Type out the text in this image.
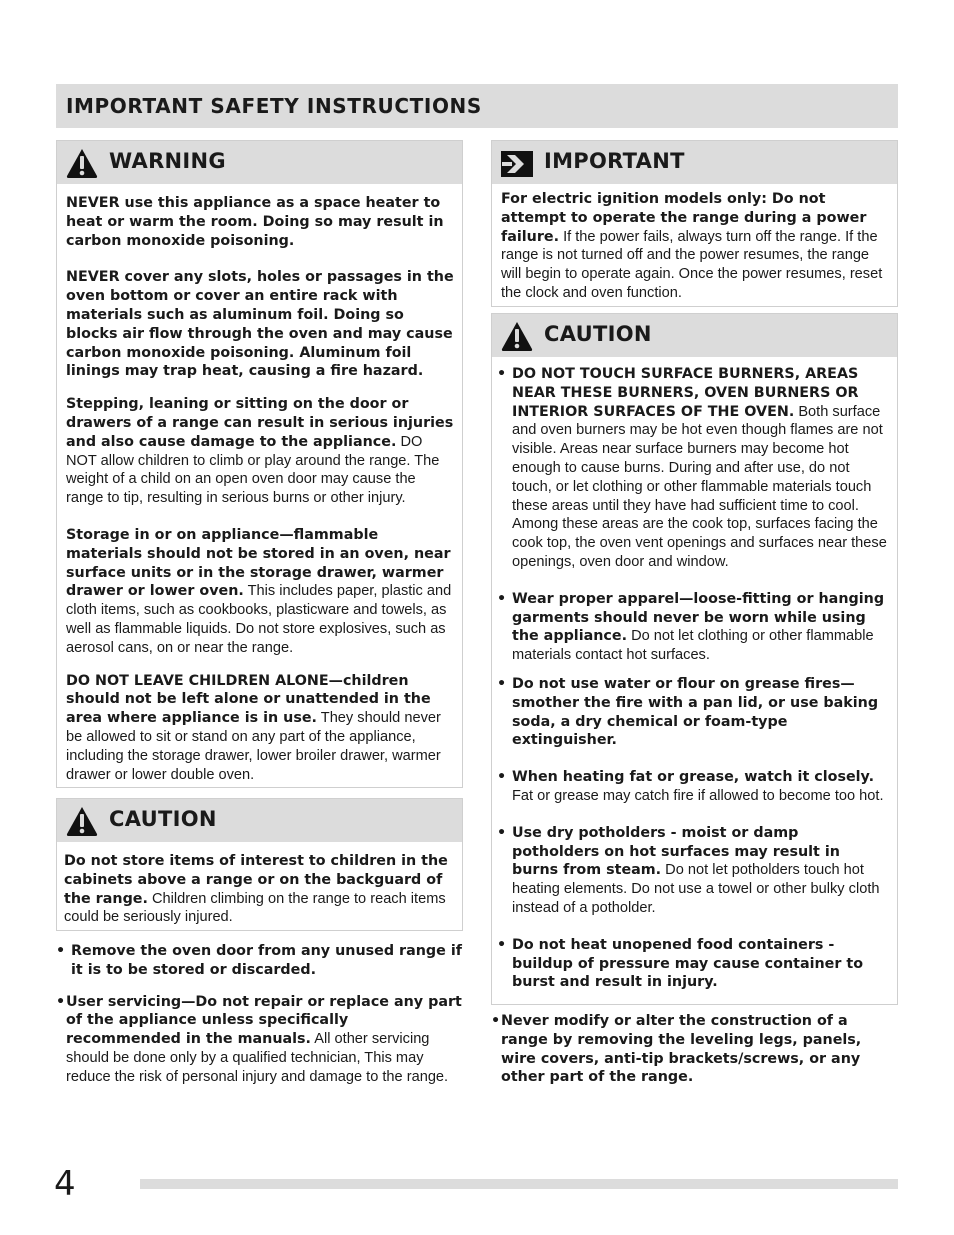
IMPORTANT SAFETY INSTRUCTIONS
WARNING

NEVER use this appliance as a space heater to heat or warm the room. Doing so may result in carbon monoxide poisoning.

NEVER cover any slots, holes or passages in the oven bottom or cover an entire rack with materials such as aluminum foil. Doing so blocks air flow through the oven and may cause carbon monoxide poisoning. Aluminum foil linings may trap heat, causing a fire hazard.

Stepping, leaning or sitting on the door or drawers of a range can result in serious injuries and also cause damage to the appliance. DO NOT allow children to climb or play around the range. The weight of a child on an open oven door may cause the range to tip, resulting in serious burns or other injury.

Storage in or on appliance—flammable materials should not be stored in an oven, near surface units or in the storage drawer, warmer drawer or lower oven. This includes paper, plastic and cloth items, such as cookbooks, plasticware and towels, as well as flammable liquids. Do not store explosives, such as aerosol cans, on or near the range.

DO NOT LEAVE CHILDREN ALONE—children should not be left alone or unattended in the area where appliance is in use. They should never be allowed to sit or stand on any part of the appliance, including the storage drawer, lower broiler drawer, warmer drawer or lower double oven.

CAUTION

Do not store items of interest to children in the cabinets above a range or on the backguard of the range. Children climbing on the range to reach items could be seriously injured.

• Remove the oven door from any unused range if it is to be stored or discarded.
• User servicing—Do not repair or replace any part of the appliance unless specifically recommended in the manuals. All other servicing should be done only by a qualified technician, This may reduce the risk of personal injury and damage to the range.
IMPORTANT

For electric ignition models only: Do not attempt to operate the range during a power failure. If the power fails, always turn off the range. If the range is not turned off and the power resumes, the range will begin to operate again. Once the power resumes, reset the clock and oven function.

CAUTION
• DO NOT TOUCH SURFACE BURNERS, AREAS NEAR THESE BURNERS, OVEN BURNERS OR INTERIOR SURFACES OF THE OVEN. Both surface and oven burners may be hot even though flames are not visible. Areas near surface burners may become hot enough to cause burns. During and after use, do not touch, or let clothing or other flammable materials touch these areas until they have had sufficient time to cool. Among these areas are the cook top, surfaces facing the cook top, the oven vent openings and surfaces near these openings, oven door and window.
• Wear proper apparel—loose-fitting or hanging garments should never be worn while using the appliance. Do not let clothing or other flammable materials contact hot surfaces.
• Do not use water or flour on grease fires—smother the fire with a pan lid, or use baking soda, a dry chemical or foam-type extinguisher.
• When heating fat or grease, watch it closely. Fat or grease may catch fire if allowed to become too hot.
• Use dry potholders - moist or damp potholders on hot surfaces may result in burns from steam. Do not let potholders touch hot heating elements. Do not use a towel or other bulky cloth instead of a potholder.
• Do not heat unopened food containers - buildup of pressure may cause container to burst and result in injury.
• Never modify or alter the construction of a range by removing the leveling legs, panels, wire covers, anti-tip brackets/screws, or any other part of the range.
4
